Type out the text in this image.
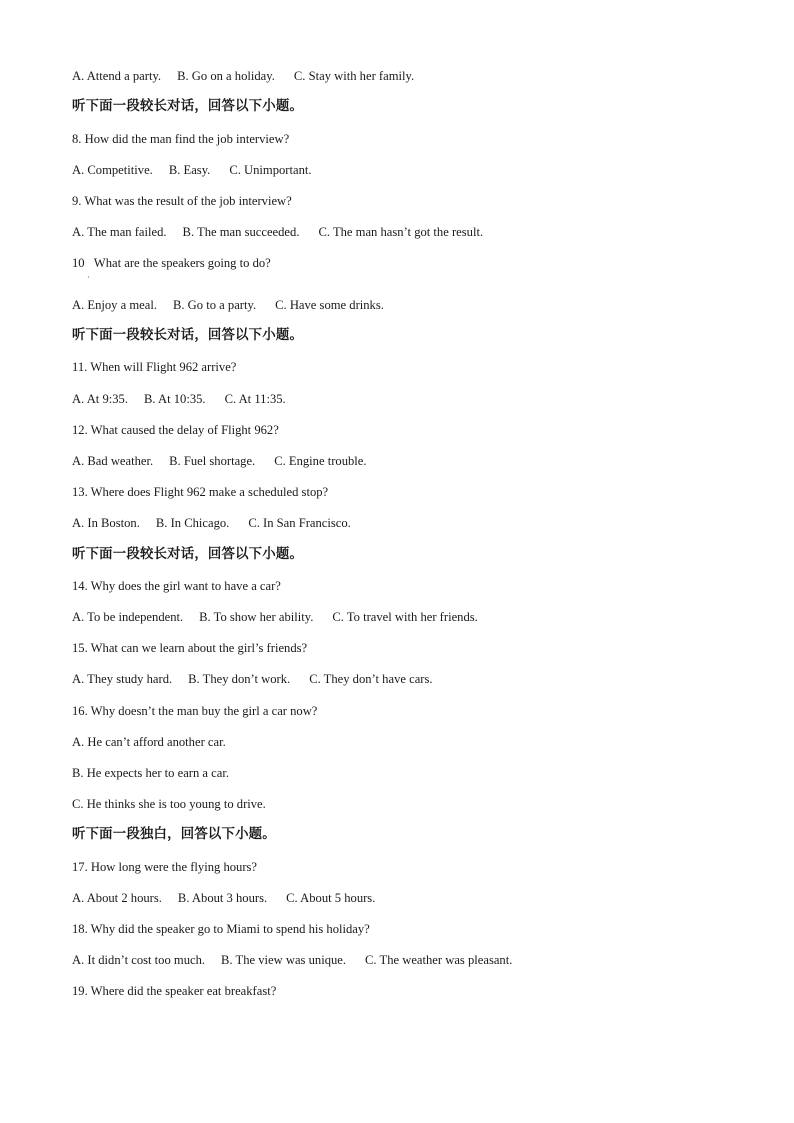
·
A. Attend a party. B. Go on a holiday. C. Stay with her family.
听下面一段较长对话，回答以下小题。
8. How did the man find the job interview?
A. Competitive. B. Easy. C. Unimportant.
9. What was the result of the job interview?
A. The man failed. B. The man succeeded. C. The man hasn’t got the result.
10   What are the speakers going to do?
A. Enjoy a meal. B. Go to a party. C. Have some drinks.
听下面一段较长对话，回答以下小题。
11. When will Flight 962 arrive?
A. At 9:35. B. At 10:35. C. At 11:35.
12. What caused the delay of Flight 962?
A. Bad weather. B. Fuel shortage. C. Engine trouble.
13. Where does Flight 962 make a scheduled stop?
A. In Boston. B. In Chicago. C. In San Francisco.
听下面一段较长对话，回答以下小题。
14. Why does the girl want to have a car?
A. To be independent. B. To show her ability. C. To travel with her friends.
15. What can we learn about the girl’s friends?
A. They study hard. B. They don’t work. C. They don’t have cars.
16. Why doesn’t the man buy the girl a car now?
A. He can’t afford another car.
B. He expects her to earn a car.
C. He thinks she is too young to drive.
听下面一段独白，回答以下小题。
17. How long were the flying hours?
A. About 2 hours. B. About 3 hours. C. About 5 hours.
18. Why did the speaker go to Miami to spend his holiday?
A. It didn’t cost too much. B. The view was unique. C. The weather was pleasant.
19. Where did the speaker eat breakfast?
